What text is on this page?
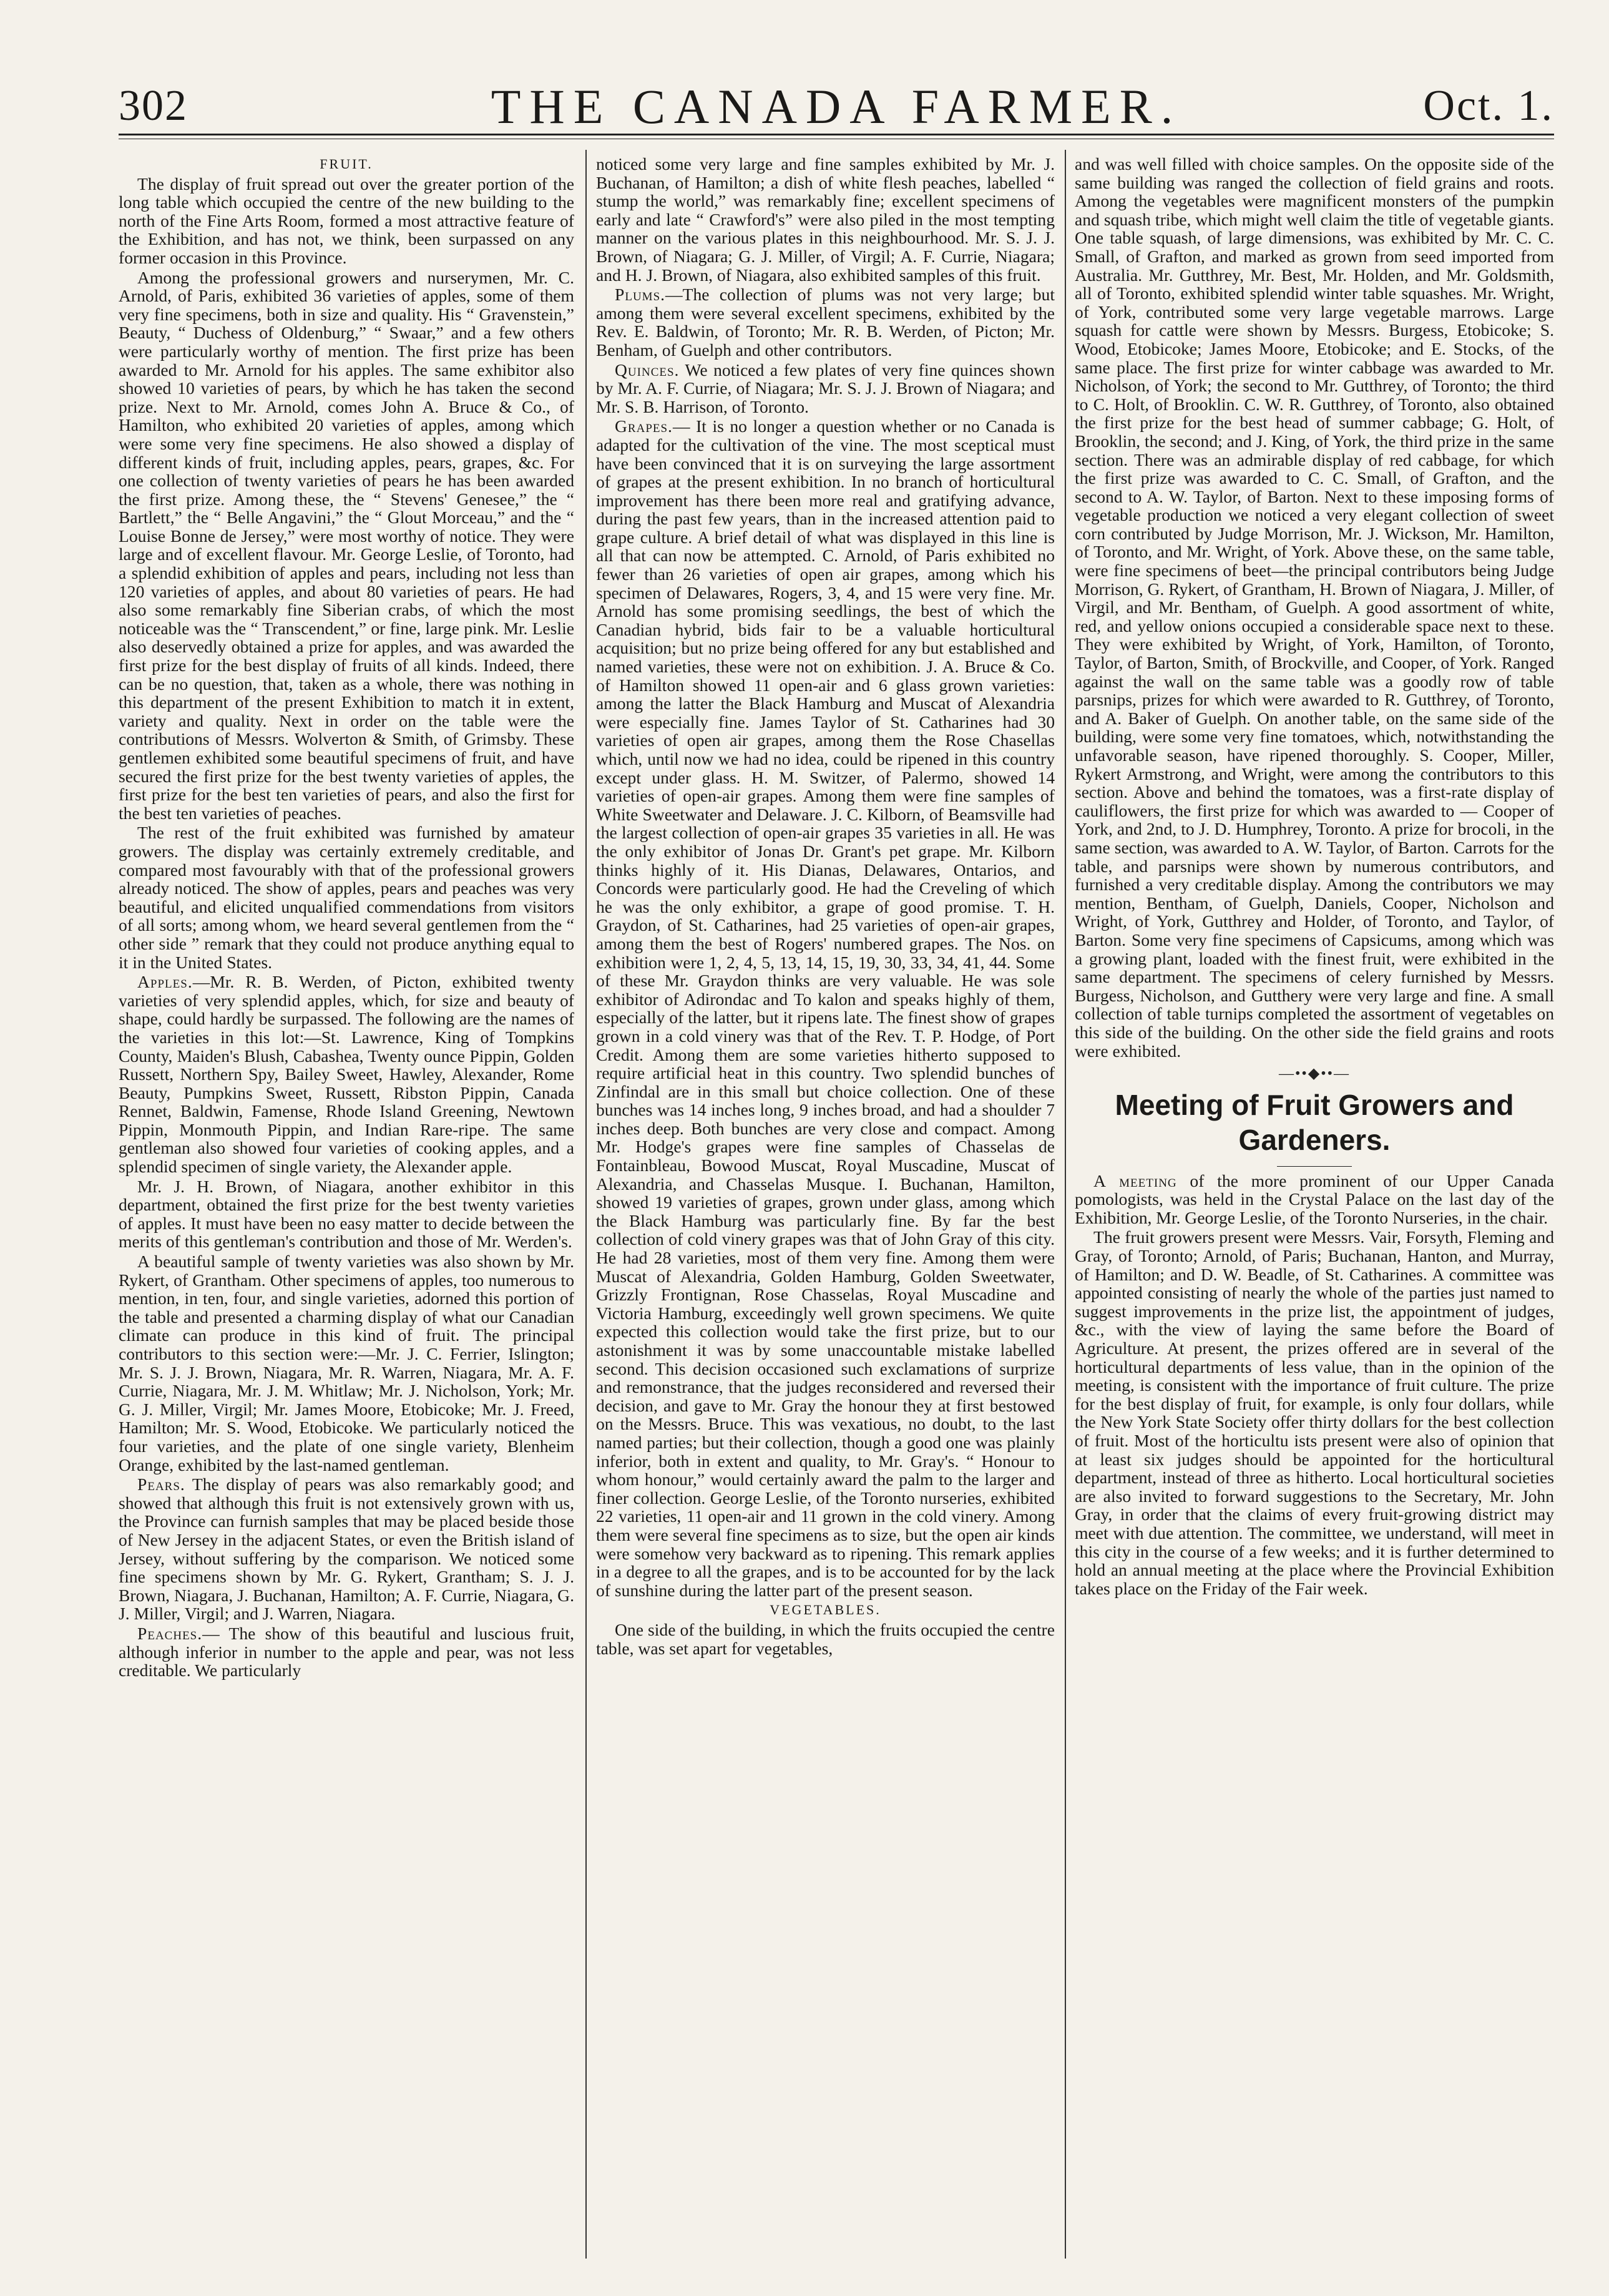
302	THE CANADA FARMER.	Oct. 1.

FRUIT.

The display of fruit spread out over the greater portion of the long table which occupied the centre of the new building to the north of the Fine Arts Room, formed a most attractive feature of the Exhibition, and has not, we think, been surpassed on any former occasion in this Province.

Among the professional growers and nurserymen, Mr. C. Arnold, of Paris, exhibited 36 varieties of apples, some of them very fine specimens, both in size and quality. His “ Gravenstein,” Beauty, “ Duchess of Oldenburg,” “ Swaar,” and a few others were particularly worthy of mention. The first prize has been awarded to Mr. Arnold for his apples. The same exhibitor also showed 10 varieties of pears, by which he has taken the second prize. Next to Mr. Arnold, comes John A. Bruce & Co., of Hamilton, who exhibited 20 varieties of apples, among which were some very fine specimens. He also showed a display of different kinds of fruit, including apples, pears, grapes, &c. For one collection of twenty varieties of pears he has been awarded the first prize. Among these, the “ Stevens' Genesee,” the “ Bartlett,” the “ Belle Angavini,” the “ Glout Morceau,” and the “ Louise Bonne de Jersey,” were most worthy of notice. They were large and of excellent flavour. Mr. George Leslie, of Toronto, had a splendid exhibition of apples and pears, including not less than 120 varieties of apples, and about 80 varieties of pears. He had also some remarkably fine Siberian crabs, of which the most noticeable was the “ Transcendent,” or fine, large pink. Mr. Leslie also deservedly obtained a prize for apples, and was awarded the first prize for the best display of fruits of all kinds. Indeed, there can be no question, that, taken as a whole, there was nothing in this department of the present Exhibition to match it in extent, variety and quality. Next in order on the table were the contributions of Messrs. Wolverton & Smith, of Grimsby. These gentlemen exhibited some beautiful specimens of fruit, and have secured the first prize for the best twenty varieties of apples, the first prize for the best ten varieties of pears, and also the first for the best ten varieties of peaches.

The rest of the fruit exhibited was furnished by amateur growers. The display was certainly extremely creditable, and compared most favourably with that of the professional growers already noticed. The show of apples, pears and peaches was very beautiful, and elicited unqualified commendations from visitors of all sorts; among whom, we heard several gentlemen from the “ other side ” remark that they could not produce anything equal to it in the United States.

Apples.—Mr. R. B. Werden, of Picton, exhibited twenty varieties of very splendid apples, which, for size and beauty of shape, could hardly be surpassed. The following are the names of the varieties in this lot:—St. Lawrence, King of Tompkins County, Maiden's Blush, Cabashea, Twenty ounce Pippin, Golden Russett, Northern Spy, Bailey Sweet, Hawley, Alexander, Rome Beauty, Pumpkins Sweet, Russett, Ribston Pippin, Canada Rennet, Baldwin, Famense, Rhode Island Greening, Newtown Pippin, Monmouth Pippin, and Indian Rare-ripe. The same gentleman also showed four varieties of cooking apples, and a splendid specimen of single variety, the Alexander apple.

Mr. J. H. Brown, of Niagara, another exhibitor in this department, obtained the first prize for the best twenty varieties of apples. It must have been no easy matter to decide between the merits of this gentleman's contribution and those of Mr. Werden's.

A beautiful sample of twenty varieties was also shown by Mr. Rykert, of Grantham. Other specimens of apples, too numerous to mention, in ten, four, and single varieties, adorned this portion of the table and presented a charming display of what our Canadian climate can produce in this kind of fruit. The principal contributors to this section were:—Mr. J. C. Ferrier, Islington; Mr. S. J. J. Brown, Niagara, Mr. R. Warren, Niagara, Mr. A. F. Currie, Niagara, Mr. J. M. Whitlaw; Mr. J. Nicholson, York; Mr. G. J. Miller, Virgil; Mr. James Moore, Etobicoke; Mr. J. Freed, Hamilton; Mr. S. Wood, Etobicoke. We particularly noticed the four varieties, and the plate of one single variety, Blenheim Orange, exhibited by the last-named gentleman.

Pears. The display of pears was also remarkably good; and showed that although this fruit is not extensively grown with us, the Province can furnish samples that may be placed beside those of New Jersey in the adjacent States, or even the British island of Jersey, without suffering by the comparison. We noticed some fine specimens shown by Mr. G. Rykert, Grantham; S. J. J. Brown, Niagara, J. Buchanan, Hamilton; A. F. Currie, Niagara, G. J. Miller, Virgil; and J. Warren, Niagara.

Peaches.— The show of this beautiful and luscious fruit, although inferior in number to the apple and pear, was not less creditable. We particularly

noticed some very large and fine samples exhibited by Mr. J. Buchanan, of Hamilton; a dish of white flesh peaches, labelled “ stump the world,” was remarkably fine; excellent specimens of early and late “ Crawford's” were also piled in the most tempting manner on the various plates in this neighbourhood. Mr. S. J. J. Brown, of Niagara; G. J. Miller, of Virgil; A. F. Currie, Niagara; and H. J. Brown, of Niagara, also exhibited samples of this fruit.

Plums.—The collection of plums was not very large; but among them were several excellent specimens, exhibited by the Rev. E. Baldwin, of Toronto; Mr. R. B. Werden, of Picton; Mr. Benham, of Guelph and other contributors.

Quinces. We noticed a few plates of very fine quinces shown by Mr. A. F. Currie, of Niagara; Mr. S. J. J. Brown of Niagara; and Mr. S. B. Harrison, of Toronto.

Grapes.— It is no longer a question whether or no Canada is adapted for the cultivation of the vine. The most sceptical must have been convinced that it is on surveying the large assortment of grapes at the present exhibition. In no branch of horticultural improvement has there been more real and gratifying advance, during the past few years, than in the increased attention paid to grape culture. A brief detail of what was displayed in this line is all that can now be attempted. C. Arnold, of Paris exhibited no fewer than 26 varieties of open air grapes, among which his specimen of Delawares, Rogers, 3, 4, and 15 were very fine. Mr. Arnold has some promising seedlings, the best of which the Canadian hybrid, bids fair to be a valuable horticultural acquisition; but no prize being offered for any but established and named varieties, these were not on exhibition. J. A. Bruce & Co. of Hamilton showed 11 open-air and 6 glass grown varieties: among the latter the Black Hamburg and Muscat of Alexandria were especially fine. James Taylor of St. Catharines had 30 varieties of open air grapes, among them the Rose Chasellas which, until now we had no idea, could be ripened in this country except under glass. H. M. Switzer, of Palermo, showed 14 varieties of open-air grapes. Among them were fine samples of White Sweetwater and Delaware. J. C. Kilborn, of Beamsville had the largest collection of open-air grapes 35 varieties in all. He was the only exhibitor of Jonas Dr. Grant's pet grape. Mr. Kilborn thinks highly of it. His Dianas, Delawares, Ontarios, and Concords were particularly good. He had the Creveling of which he was the only exhibitor, a grape of good promise. T. H. Graydon, of St. Catharines, had 25 varieties of open-air grapes, among them the best of Rogers' numbered grapes. The Nos. on exhibition were 1, 2, 4, 5, 13, 14, 15, 19, 30, 33, 34, 41, 44. Some of these Mr. Graydon thinks are very valuable. He was sole exhibitor of Adirondac and To kalon and speaks highly of them, especially of the latter, but it ripens late. The finest show of grapes grown in a cold vinery was that of the Rev. T. P. Hodge, of Port Credit. Among them are some varieties hitherto supposed to require artificial heat in this country. Two splendid bunches of Zinfindal are in this small but choice collection. One of these bunches was 14 inches long, 9 inches broad, and had a shoulder 7 inches deep. Both bunches are very close and compact. Among Mr. Hodge's grapes were fine samples of Chasselas de Fontainbleau, Bowood Muscat, Royal Muscadine, Muscat of Alexandria, and Chasselas Musque. I. Buchanan, Hamilton, showed 19 varieties of grapes, grown under glass, among which the Black Hamburg was particularly fine. By far the best collection of cold vinery grapes was that of John Gray of this city. He had 28 varieties, most of them very fine. Among them were Muscat of Alexandria, Golden Hamburg, Golden Sweetwater, Grizzly Frontignan, Rose Chasselas, Royal Muscadine and Victoria Hamburg, exceedingly well grown specimens. We quite expected this collection would take the first prize, but to our astonishment it was by some unaccountable mistake labelled second. This decision occasioned such exclamations of surprize and remonstrance, that the judges reconsidered and reversed their decision, and gave to Mr. Gray the honour they at first bestowed on the Messrs. Bruce. This was vexatious, no doubt, to the last named parties; but their collection, though a good one was plainly inferior, both in extent and quality, to Mr. Gray's. “ Honour to whom honour,” would certainly award the palm to the larger and finer collection. George Leslie, of the Toronto nurseries, exhibited 22 varieties, 11 open-air and 11 grown in the cold vinery. Among them were several fine specimens as to size, but the open air kinds were somehow very backward as to ripening. This remark applies in a degree to all the grapes, and is to be accounted for by the lack of sunshine during the latter part of the present season.

VEGETABLES.

One side of the building, in which the fruits occupied the centre table, was set apart for vegetables,

and was well filled with choice samples. On the opposite side of the same building was ranged the collection of field grains and roots. Among the vegetables were magnificent monsters of the pumpkin and squash tribe, which might well claim the title of vegetable giants. One table squash, of large dimensions, was exhibited by Mr. C. C. Small, of Grafton, and marked as grown from seed imported from Australia. Mr. Gutthrey, Mr. Best, Mr. Holden, and Mr. Goldsmith, all of Toronto, exhibited splendid winter table squashes. Mr. Wright, of York, contributed some very large vegetable marrows. Large squash for cattle were shown by Messrs. Burgess, Etobicoke; S. Wood, Etobicoke; James Moore, Etobicoke; and E. Stocks, of the same place. The first prize for winter cabbage was awarded to Mr. Nicholson, of York; the second to Mr. Gutthrey, of Toronto; the third to C. Holt, of Brooklin. C. W. R. Gutthrey, of Toronto, also obtained the first prize for the best head of summer cabbage; G. Holt, of Brooklin, the second; and J. King, of York, the third prize in the same section. There was an admirable display of red cabbage, for which the first prize was awarded to C. C. Small, of Grafton, and the second to A. W. Taylor, of Barton. Next to these imposing forms of vegetable production we noticed a very elegant collection of sweet corn contributed by Judge Morrison, Mr. J. Wickson, Mr. Hamilton, of Toronto, and Mr. Wright, of York. Above these, on the same table, were fine specimens of beet—the principal contributors being Judge Morrison, G. Rykert, of Grantham, H. Brown of Niagara, J. Miller, of Virgil, and Mr. Bentham, of Guelph. A good assortment of white, red, and yellow onions occupied a considerable space next to these. They were exhibited by Wright, of York, Hamilton, of Toronto, Taylor, of Barton, Smith, of Brockville, and Cooper, of York. Ranged against the wall on the same table was a goodly row of table parsnips, prizes for which were awarded to R. Gutthrey, of Toronto, and A. Baker of Guelph. On another table, on the same side of the building, were some very fine tomatoes, which, notwithstanding the unfavorable season, have ripened thoroughly. S. Cooper, Miller, Rykert Armstrong, and Wright, were among the contributors to this section. Above and behind the tomatoes, was a first-rate display of cauliflowers, the first prize for which was awarded to — Cooper of York, and 2nd, to J. D. Humphrey, Toronto. A prize for brocoli, in the same section, was awarded to A. W. Taylor, of Barton. Carrots for the table, and parsnips were shown by numerous contributors, and furnished a very creditable display. Among the contributors we may mention, Bentham, of Guelph, Daniels, Cooper, Nicholson and Wright, of York, Gutthrey and Holder, of Toronto, and Taylor, of Barton. Some very fine specimens of Capsicums, among which was a growing plant, loaded with the finest fruit, were exhibited in the same department. The specimens of celery furnished by Messrs. Burgess, Nicholson, and Gutthery were very large and fine. A small collection of table turnips completed the assortment of vegetables on this side of the building. On the other side the field grains and roots were exhibited.

—••◆••—
Meeting of Fruit Growers and Gardeners.

A meeting of the more prominent of our Upper Canada pomologists, was held in the Crystal Palace on the last day of the Exhibition, Mr. George Leslie, of the Toronto Nurseries, in the chair.

The fruit growers present were Messrs. Vair, Forsyth, Fleming and Gray, of Toronto; Arnold, of Paris; Buchanan, Hanton, and Murray, of Hamilton; and D. W. Beadle, of St. Catharines. A committee was appointed consisting of nearly the whole of the parties just named to suggest improvements in the prize list, the appointment of judges, &c., with the view of laying the same before the Board of Agriculture. At present, the prizes offered are in several of the horticultural departments of less value, than in the opinion of the meeting, is consistent with the importance of fruit culture. The prize for the best display of fruit, for example, is only four dollars, while the New York State Society offer thirty dollars for the best collection of fruit. Most of the horticultu ists present were also of opinion that at least six judges should be appointed for the horticultural department, instead of three as hitherto. Local horticultural societies are also invited to forward suggestions to the Secretary, Mr. John Gray, in order that the claims of every fruit-growing district may meet with due attention. The committee, we understand, will meet in this city in the course of a few weeks; and it is further determined to hold an annual meeting at the place where the Provincial Exhibition takes place on the Friday of the Fair week.
